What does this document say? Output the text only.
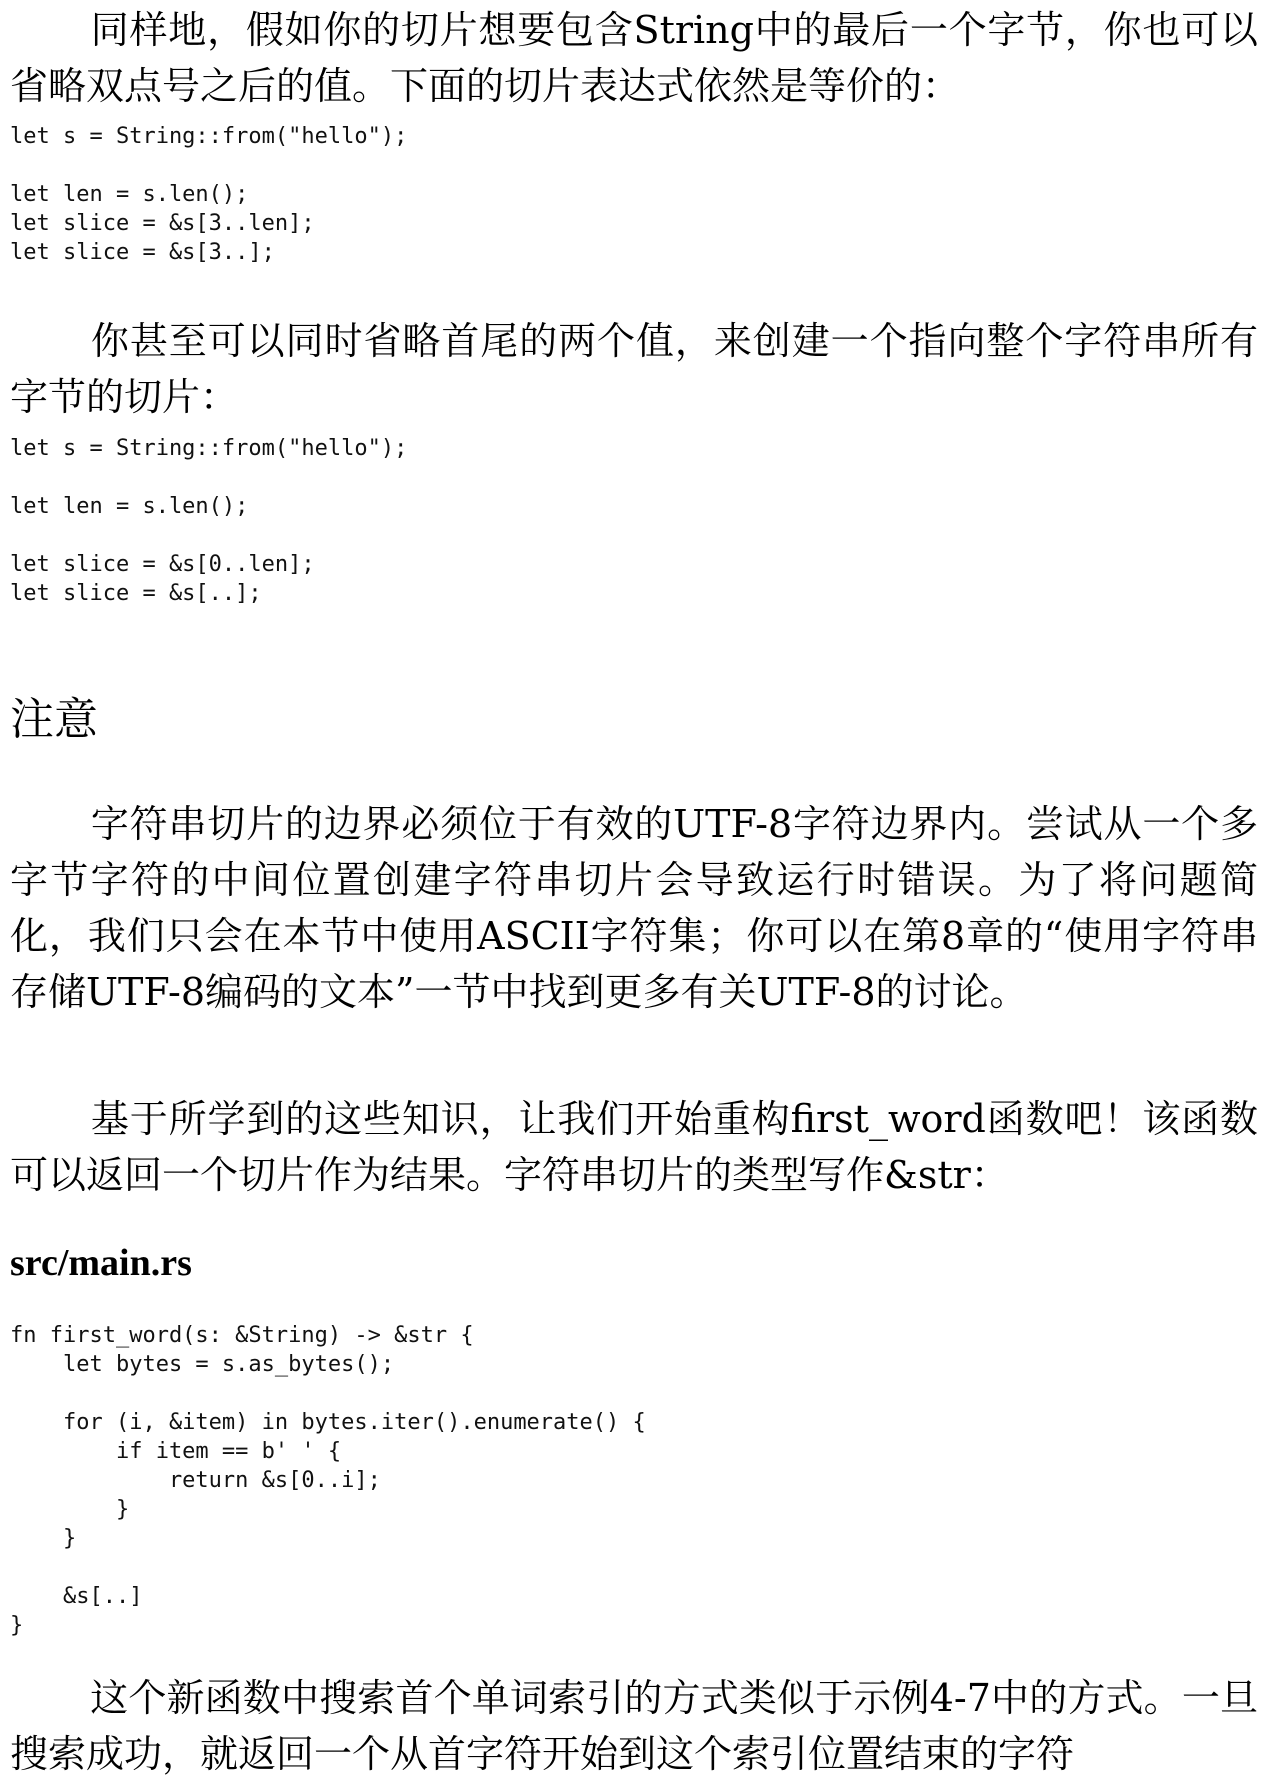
同样地，假如你的切片想要包含String中的最后一个字节，你也可以省略双点号之后的值。下面的切片表达式依然是等价的：

let s = String::from("hello");

let len = s.len();
let slice = &s[3..len];
let slice = &s[3..];

你甚至可以同时省略首尾的两个值，来创建一个指向整个字符串所有字节的切片：

let s = String::from("hello");

let len = s.len();

let slice = &s[0..len];
let slice = &s[..];
注意

字符串切片的边界必须位于有效的UTF-8字符边界内。尝试从一个多字节字符的中间位置创建字符串切片会导致运行时错误。为了将问题简化，我们只会在本节中使用ASCII字符集；你可以在第8章的“使用字符串存储UTF-8编码的文本”一节中找到更多有关UTF-8的讨论。

基于所学到的这些知识，让我们开始重构first_word函数吧！该函数可以返回一个切片作为结果。字符串切片的类型写作&str：

src/main.rs
fn first_word(s: &String) -> &str {
let bytes = s.as_bytes();

for (i, &item) in bytes.iter().enumerate() {
if item == b' ' {
return &s[0..i];
}
}

&s[..]
}

这个新函数中搜索首个单词索引的方式类似于示例4-7中的方式。一旦搜索成功，就返回一个从首字符开始到这个索引位置结束的字符
